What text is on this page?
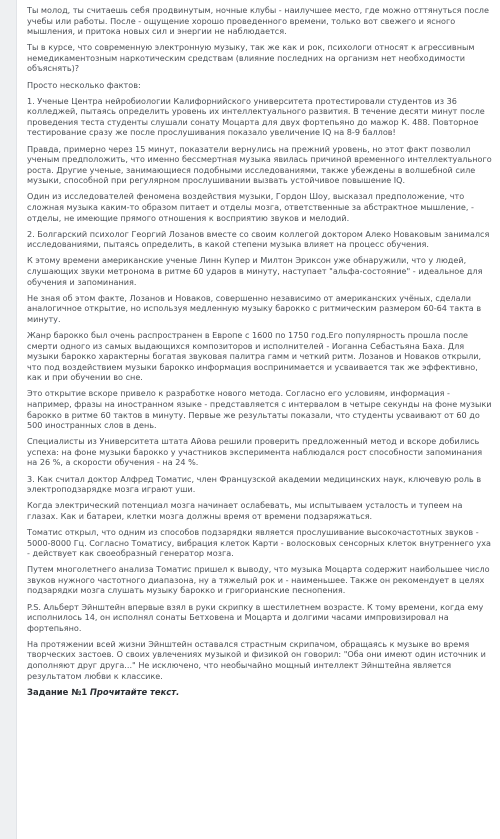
Ты молод, ты считаешь себя продвинутым, ночные клубы - наилучшее место, где можно оттянуться после учебы или работы. После - ощущение хорошо проведенного времени, только вот свежего и ясного мышления, и притока новых сил и энергии не наблюдается.

Ты в курсе, что современную электронную музыку, так же как и рок, психологи относят к агрессивным немедикаментозным наркотическим средствам (влияние последних на организм нет необходимости объяснять)?

Просто несколько фактов:

1. Ученые Центра нейробиологии Калифорнийского университета протестировали студентов из 36 колледжей, пытаясь определить уровень их интеллектуального развития. В течение десяти минут после проведения теста студенты слушали сонату Моцарта для двух фортепьяно до мажор К. 488. Повторное тестирование сразу же после прослушивания показало увеличение IQ на 8-9 баллов!

Правда, примерно через 15 минут, показатели вернулись на прежний уровень, но этот факт позволил ученым предположить, что именно бессмертная музыка явилась причиной временного интеллектуального роста. Другие ученые, занимающиеся подобными исследованиями, также убеждены в волшебной силе музыки, способной при регулярном прослушивании вызвать устойчивое повышение IQ.

Один из исследователей феномена воздействия музыки, Гордон Шоу, высказал предположение, что сложная музыка каким-то образом питает и отделы мозга, ответственные за абстрактное мышление, - отделы, не имеющие прямого отношения к восприятию звуков и мелодий.

2. Болгарский психолог Георгий Лозанов вместе со своим коллегой доктором Алеко Новаковым занимался исследованиями, пытаясь определить, в какой степени музыка влияет на процесс обучения.

К этому времени американские ученые Линн Купер и Милтон Эриксон уже обнаружили, что у людей, слушающих звуки метронома в ритме 60 ударов в минуту, наступает "альфа-состояние" - идеальное для обучения и запоминания.

Не зная об этом факте, Лозанов и Новаков, совершенно независимо от американских учёных, сделали аналогичное открытие, но используя медленную музыку барокко с ритмическим размером 60-64 такта в минуту.

Жанр барокко был очень распространен в Европе с 1600 по 1750 год.Его популярность прошла после смерти одного из самых выдающихся композиторов и исполнителей - Иоганна Себастьяна Баха. Для музыки барокко характерны богатая звуковая палитра гамм и четкий ритм. Лозанов и Новаков открыли, что под воздействием музыки барокко информация воспринимается и усваивается так же эффективно, как и при обучении во сне.

Это открытие вскоре привело к разработке нового метода. Согласно его условиям, информация - например, фразы на иностранном языке - представляется с интервалом в четыре секунды на фоне музыки барокко в ритме 60 тактов в минуту. Первые же результаты показали, что студенты усваивают от 60 до 500 иностранных слов в день.

Специалисты из Университета штата Айова решили проверить предложенный метод и вскоре добились успеха: на фоне музыки барокко у участников эксперимента наблюдался рост способности запоминания на 26 %, а скорости обучения - на 24 %.

3. Как считал доктор Алфред Томатис, член Французской академии медицинских наук, ключевую роль в электроподзарядке мозга играют уши.

Когда электрический потенциал мозга начинает ослабевать, мы испытываем усталость и тупеем на глазах. Как и батареи, клетки мозга должны время от времени подзаряжаться.

Томатис открыл, что одним из способов подзарядки является прослушивание высокочастотных звуков - 5000-8000 Гц. Согласно Томатису, вибрация клеток Карти - волосковых сенсорных клеток внутреннего уха - действует как своеобразный генератор мозга.

Путем многолетнего анализа Томатис пришел к выводу, что музыка Моцарта содержит наибольшее число звуков нужного частотного диапазона, ну а тяжелый рок и - наименьшее. Также он рекомендует в целях подзарядки мозга слушать музыку барокко и григорианские песнопения.

P.S. Альберт Эйнштейн впервые взял в руки скрипку в шестилетнем возрасте. К тому времени, когда ему исполнилось 14, он исполнял сонаты Бетховена и Моцарта и долгими часами импровизировал на фортепьяно.

На протяжении всей жизни Эйнштейн оставался страстным скрипачом, обращаясь к музыке во время творческих застоев. О своих увлечениях музыкой и физикой он говорил: "Оба они имеют один источник и дополняют друг друга..." Не исключено, что необычайно мощный интеллект Эйнштейна является результатом любви к классике.

Задание №1 Прочитайте текст.
